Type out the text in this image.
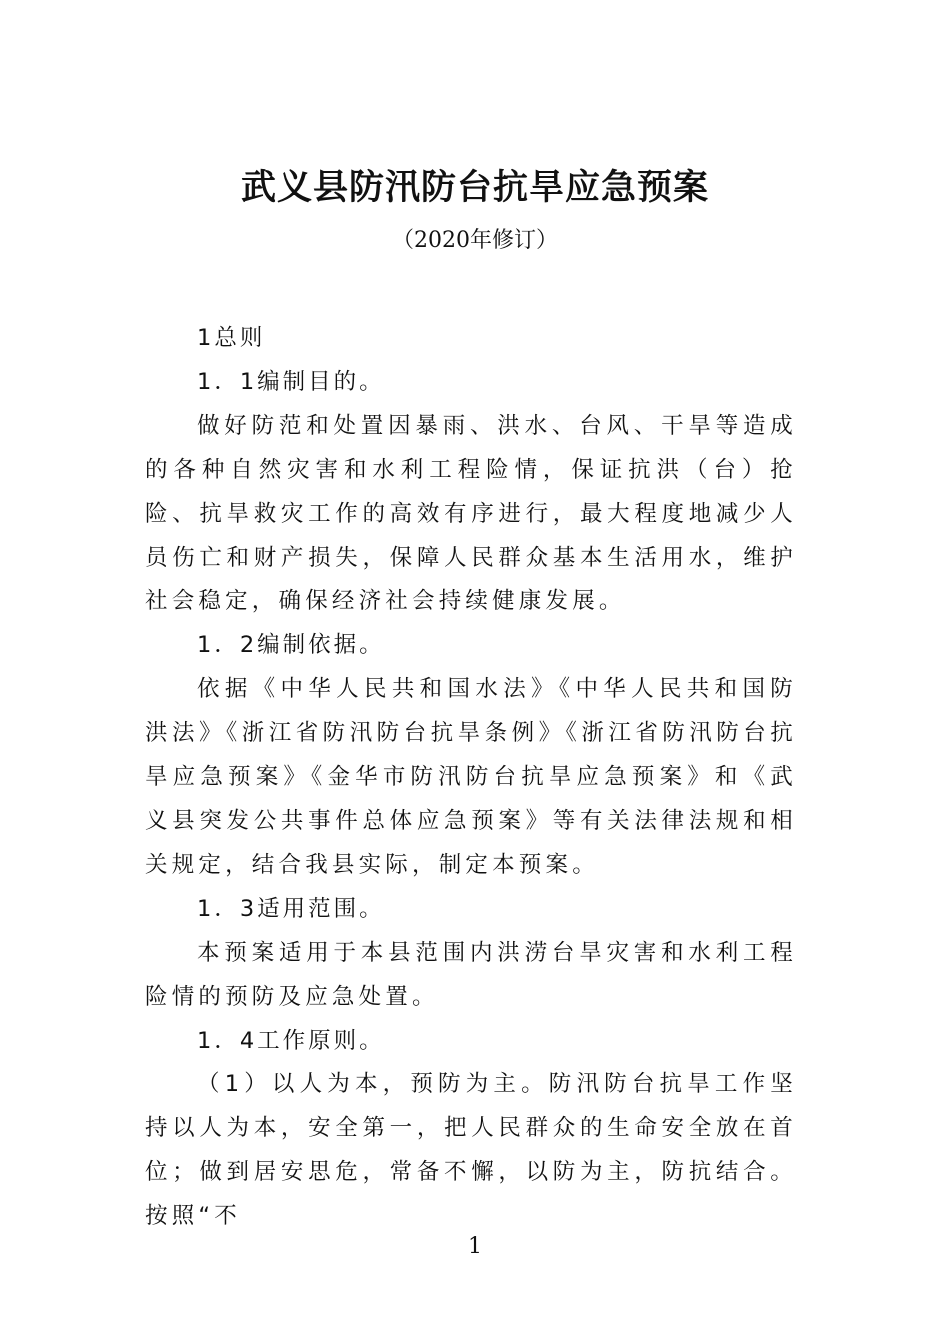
武义县防汛防台抗旱应急预案
（2020年修订）

1总则

1．1编制目的。

做好防范和处置因暴雨、洪水、台风、干旱等造成的各种自然灾害和水利工程险情，保证抗洪（台）抢险、抗旱救灾工作的高效有序进行，最大程度地减少人员伤亡和财产损失，保障人民群众基本生活用水，维护社会稳定，确保经济社会持续健康发展。

1．2编制依据。

依据《中华人民共和国水法》《中华人民共和国防洪法》《浙江省防汛防台抗旱条例》《浙江省防汛防台抗旱应急预案》《金华市防汛防台抗旱应急预案》和《武义县突发公共事件总体应急预案》等有关法律法规和相关规定，结合我县实际，制定本预案。

1．3适用范围。

本预案适用于本县范围内洪涝台旱灾害和水利工程险情的预防及应急处置。

1．4工作原则。

（1）以人为本，预防为主。防汛防台抗旱工作坚持以人为本，安全第一，把人民群众的生命安全放在首位；做到居安思危，常备不懈，以防为主，防抗结合。按照“不

1
